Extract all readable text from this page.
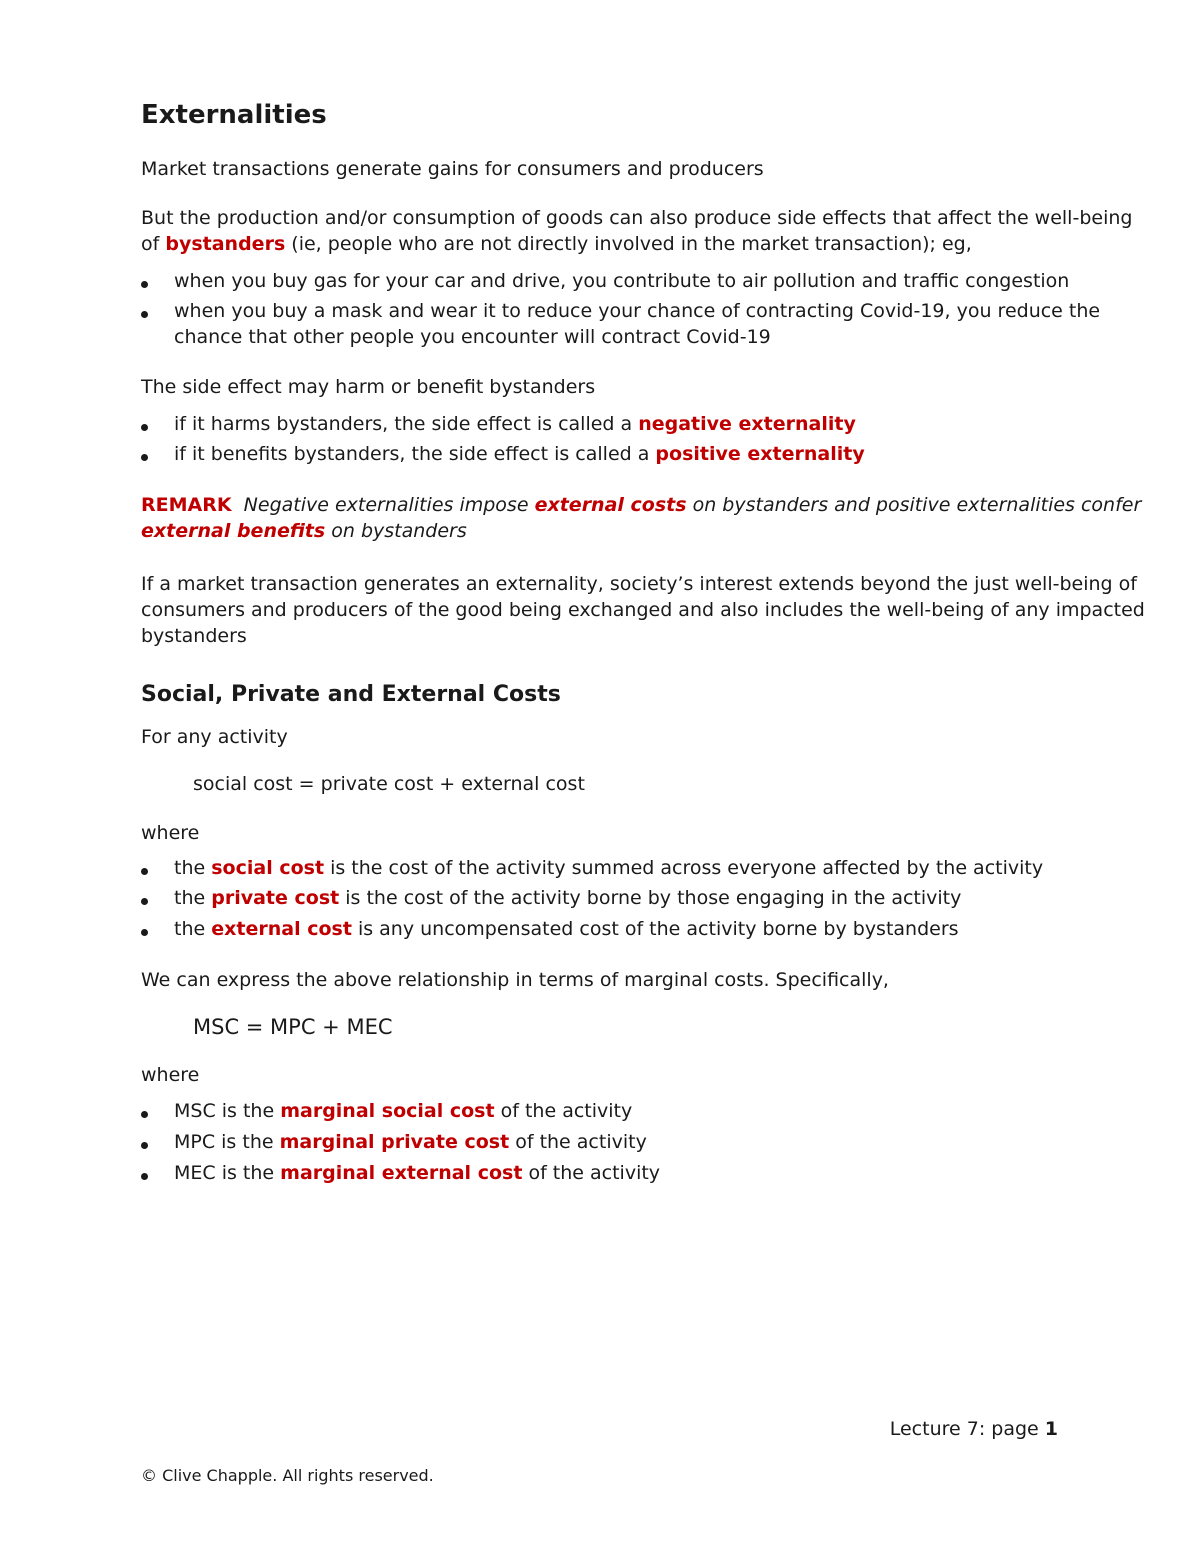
Externalities

Market transactions generate gains for consumers and producers

But the production and/or consumption of goods can also produce side effects that affect the well-being

of bystanders (ie, people who are not directly involved in the market transaction); eg,

when you buy gas for your car and drive, you contribute to air pollution and traffic congestion
when you buy a mask and wear it to reduce your chance of contracting Covid-19, you reduce the

chance that other people you encounter will contract Covid-19

The side effect may harm or benefit bystanders

if it harms bystanders, the side effect is called a negative externality
if it benefits bystanders, the side effect is called a positive externality

REMARK Negative externalities impose external costs on bystanders and positive externalities confer

external benefits on bystanders

If a market transaction generates an externality, society’s interest extends beyond the just well-being of

consumers and producers of the good being exchanged and also includes the well-being of any impacted

bystanders

Social, Private and External Costs

For any activity

social cost = private cost + external cost

where

the social cost is the cost of the activity summed across everyone affected by the activity
the private cost is the cost of the activity borne by those engaging in the activity
the external cost is any uncompensated cost of the activity borne by bystanders

We can express the above relationship in terms of marginal costs. Specifically,

MSC = MPC + MEC

where

MSC is the marginal social cost of the activity
MPC is the marginal private cost of the activity
MEC is the marginal external cost of the activity

Lecture 7: page 1

© Clive Chapple. All rights reserved.
